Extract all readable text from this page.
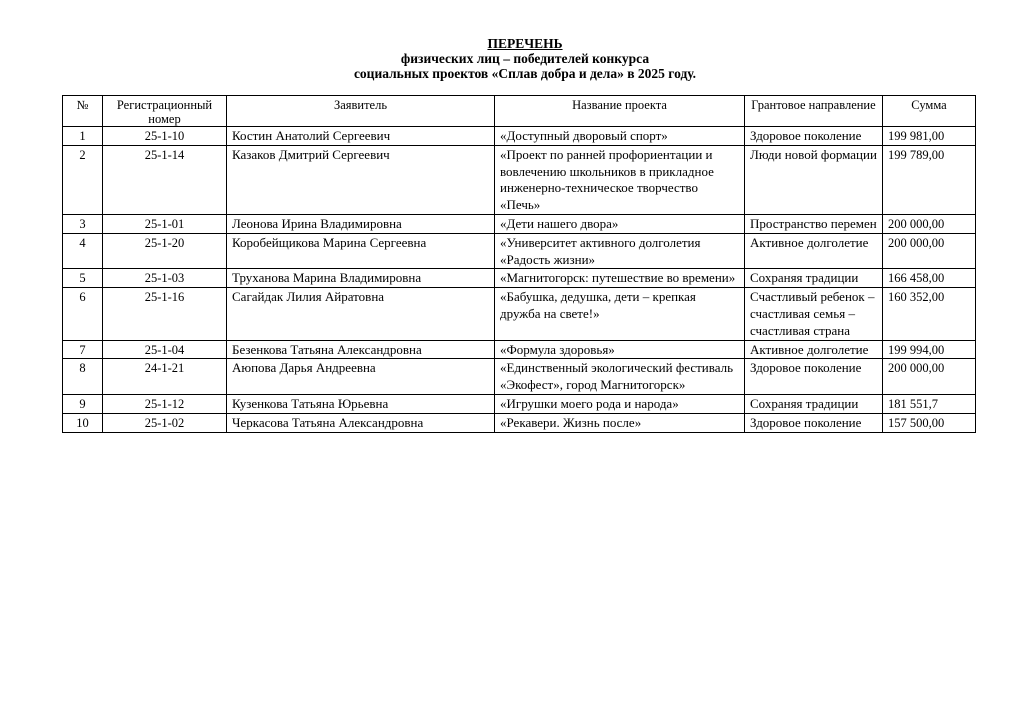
ПЕРЕЧЕНЬ
физических лиц – победителей конкурса
социальных проектов «Сплав добра и дела» в 2025 году.
№	Регистрационный номер	Заявитель	Название проекта	Грантовое направление	Сумма
1	25-1-10	Костин Анатолий Сергеевич	«Доступный дворовый спорт»	Здоровое поколение	199 981,00
2	25-1-14	Казаков Дмитрий Сергеевич	«Проект по ранней профориентации и вовлечению школьников в прикладное инженерно-техническое творчество «Печь»	Люди новой формации	199 789,00
3	25-1-01	Леонова Ирина Владимировна	«Дети нашего двора»	Пространство перемен	200 000,00
4	25-1-20	Коробейщикова Марина Сергеевна	«Университет активного долголетия «Радость жизни»	Активное долголетие	200 000,00
5	25-1-03	Труханова Марина Владимировна	«Магнитогорск: путешествие во времени»	Сохраняя традиции	166 458,00
6	25-1-16	Сагайдак Лилия Айратовна	«Бабушка, дедушка, дети – крепкая дружба на свете!»	Счастливый ребенок – счастливая семья – счастливая страна	160 352,00
7	25-1-04	Безенкова Татьяна Александровна	«Формула здоровья»	Активное долголетие	199 994,00
8	24-1-21	Аюпова Дарья Андреевна	«Единственный экологический фестиваль «Экофест», город Магнитогорск»	Здоровое поколение	200 000,00
9	25-1-12	Кузенкова Татьяна Юрьевна	«Игрушки моего рода и народа»	Сохраняя традиции	181 551,7
10	25-1-02	Черкасова Татьяна Александровна	«Рекавери. Жизнь после»	Здоровое поколение	157 500,00
